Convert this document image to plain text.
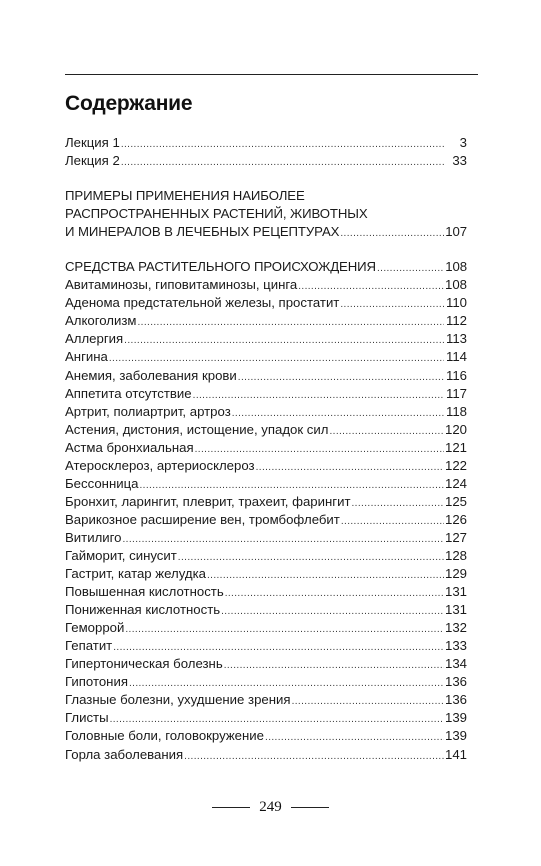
Содержание
Лекция 1 .....	3
Лекция 2 .....	33
ПРИМЕРЫ ПРИМЕНЕНИЯ НАИБОЛЕЕ
РАСПРОСТРАНЕННЫХ РАСТЕНИЙ, ЖИВОТНЫХ
И МИНЕРАЛОВ В ЛЕЧЕБНЫХ РЕЦЕПТУРАХ .....	107
СРЕДСТВА РАСТИТЕЛЬНОГО ПРОИСХОЖДЕНИЯ .....	108
Авитаминозы, гиповитаминозы, цинга .....	108
Аденома предстательной железы, простатит .....	110
Алкоголизм .....	112
Аллергия .....	113
Ангина .....	114
Анемия, заболевания крови .....	116
Аппетита отсутствие .....	117
Артрит, полиартрит, артроз .....	118
Астения, дистония, истощение, упадок сил .....	120
Астма бронхиальная .....	121
Атеросклероз, артериосклероз .....	122
Бессонница .....	124
Бронхит, ларингит, плеврит, трахеит, фарингит .....	125
Варикозное расширение вен, тромбофлебит .....	126
Витилиго .....	127
Гайморит, синусит .....	128
Гастрит, катар желудка .....	129
Повышенная кислотность .....	131
Пониженная кислотность .....	131
Геморрой .....	132
Гепатит .....	133
Гипертоническая болезнь .....	134
Гипотония .....	136
Глазные болезни, ухудшение зрения .....	136
Глисты .....	139
Головные боли, головокружение .....	139
Горла заболевания .....	141
249
